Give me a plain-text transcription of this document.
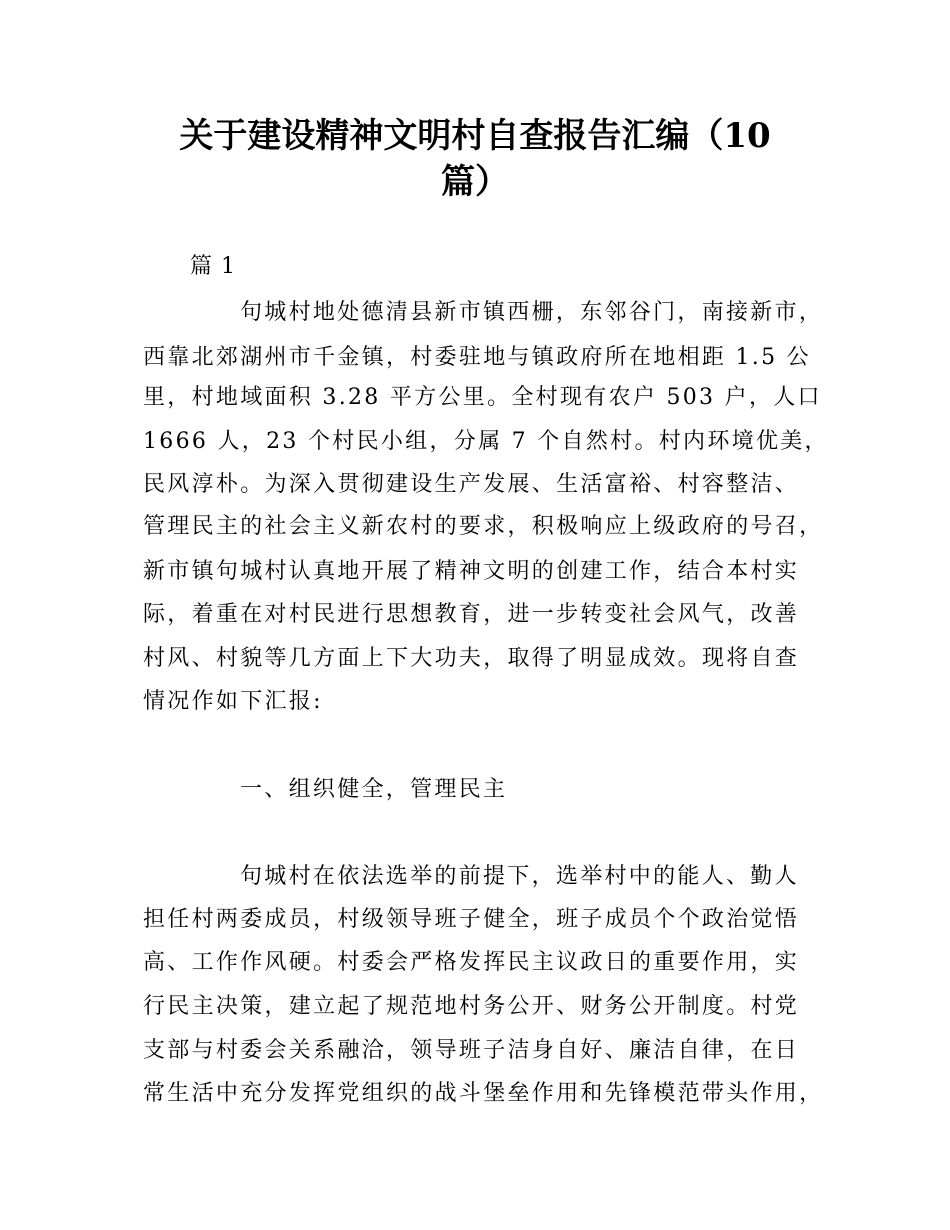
关于建设精神文明村自查报告汇编（10
篇）
篇 1
句城村地处德清县新市镇西栅，东邻谷门，南接新市，
西靠北郊湖州市千金镇，村委驻地与镇政府所在地相距 1.5 公
里，村地域面积 3.28 平方公里。全村现有农户 503 户，人口
1666 人，23 个村民小组，分属 7 个自然村。村内环境优美，
民风淳朴。为深入贯彻建设生产发展、生活富裕、村容整洁、
管理民主的社会主义新农村的要求，积极响应上级政府的号召，
新市镇句城村认真地开展了精神文明的创建工作，结合本村实
际，着重在对村民进行思想教育，进一步转变社会风气，改善
村风、村貌等几方面上下大功夫，取得了明显成效。现将自查
情况作如下汇报:
一、组织健全，管理民主
句城村在依法选举的前提下，选举村中的能人、勤人
担任村两委成员，村级领导班子健全，班子成员个个政治觉悟
高、工作作风硬。村委会严格发挥民主议政日的重要作用，实
行民主决策，建立起了规范地村务公开、财务公开制度。村党
支部与村委会关系融洽，领导班子洁身自好、廉洁自律，在日
常生活中充分发挥党组织的战斗堡垒作用和先锋模范带头作用，
